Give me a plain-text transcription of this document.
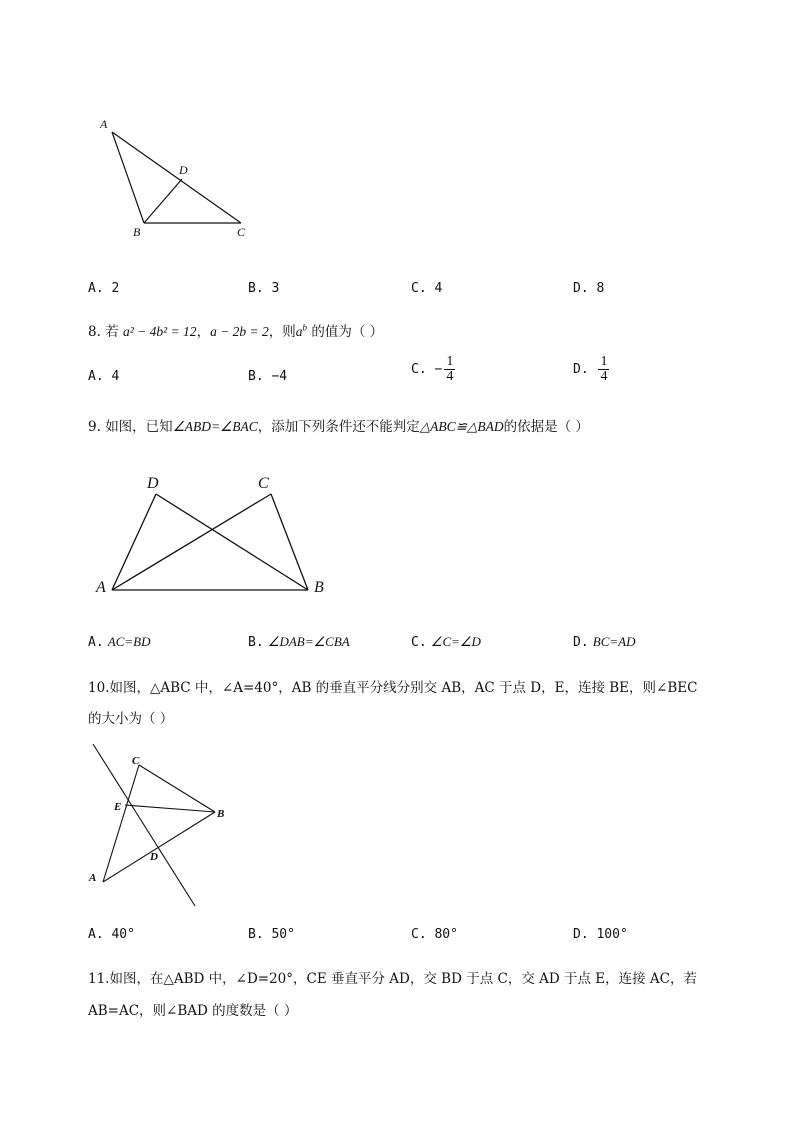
A
D
B	C
A. 2	B. 3	C. 4	D. 8
8. 若 a² − 4b² = 12，a − 2b = 2，则$a^b$ 的值为（ ）
A. 4	B. −4	C. − $\frac{1}{4}$	D. $\frac{1}{4}$
9. 如图，已知∠ABD=∠BAC，添加下列条件还不能判定△ABC≌△BAD的依据是（ ）
D	C
A	B
A. AC=BD	B. ∠DAB=∠CBA	C. ∠C=∠D	D. BC=AD
10.如图，△ABC 中，∠A=40°，AB 的垂直平分线分别交 AB，AC 于点 D，E，连接 BE，则∠BEC
的大小为（ ）
C
E
B
D
A
A. 40°	B. 50°	C. 80°	D. 100°
11.如图，在△ABD 中，∠D=20°，CE 垂直平分 AD，交 BD 于点 C，交 AD 于点 E，连接 AC，若
AB=AC，则∠BAD 的度数是（ ）
